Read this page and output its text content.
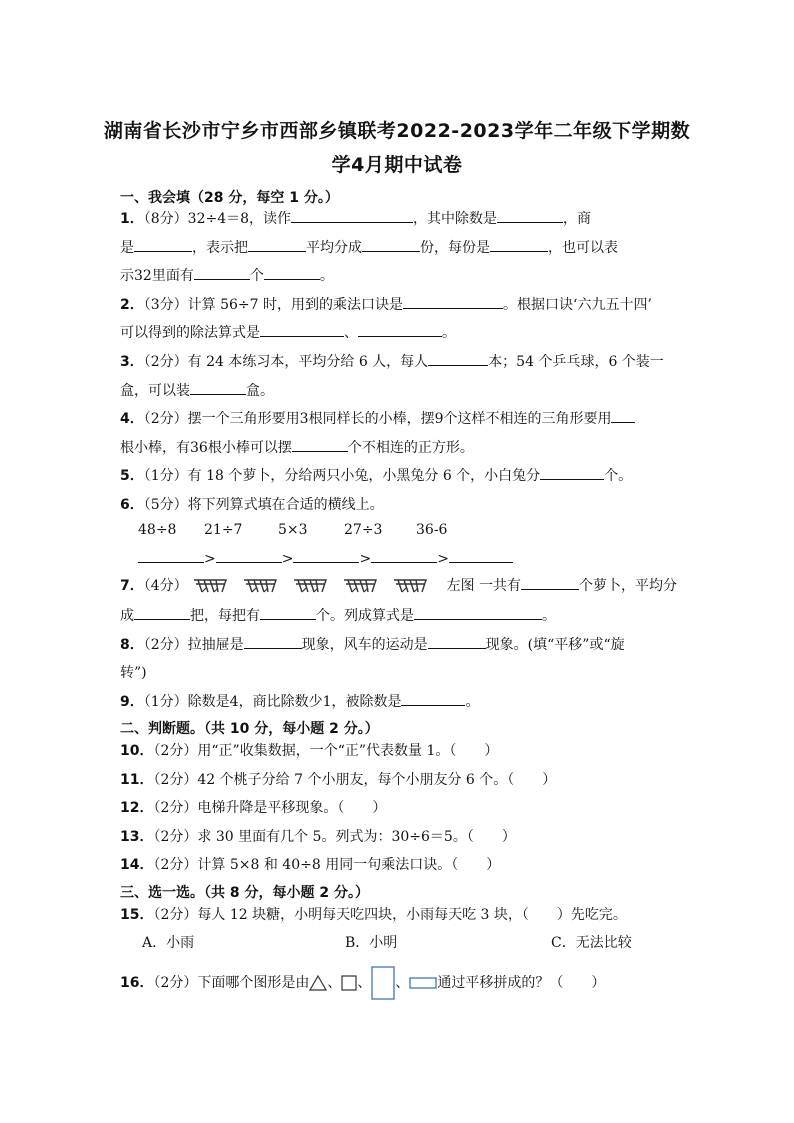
湖南省长沙市宁乡市西部乡镇联考2022-2023学年二年级下学期数
学4月期中试卷
一、我会填（28 分，每空 1 分。）
1．（8分）32÷4＝8，读作	，其中除数是	，商
是	，表示把	平均分成	份，每份是	，也可以表
示32里面有	个	。
2．（3分）计算 56÷7 时，用到的乘法口诀是	。根据口诀‘六九五十四’
可以得到的除法算式是	、	。
3．（2分）有 24 本练习本，平均分给 6 人，每人	本；54 个乒乓球，6 个装一
盒，可以装	盒。
4．（2分）摆一个三角形要用3根同样长的小棒，摆9个这样不相连的三角形要用
根小棒，有36根小棒可以摆	个不相连的正方形。
5．（1分）有 18 个萝卜，分给两只小兔，小黑兔分 6 个，小白兔分	个。
6．（5分）将下列算式填在合适的横线上。
48÷8 21÷7	5×3	27÷3 36-6
>	>	>	>
7．（4分）	左图 一共有	个萝卜，平均分
成	把，每把有	个。列成算式是	。
8．（2分）拉抽屉是	现象，风车的运动是	现象。(填“平移”或“旋
转”)
9．（1分）除数是4，商比除数少1，被除数是	。
二、判断题。（共 10 分，每小题 2 分。）
10．（2分）用“正”收集数据，一个“正”代表数量 1。（　　）
11．（2分）42 个桃子分给 7 个小朋友，每个小朋友分 6 个。（　　）
12．（2分）电梯升降是平移现象。（　　）
13．（2分）求 30 里面有几个 5。列式为：30÷6＝5。（　　）
14．（2分）计算 5×8 和 40÷8 用同一句乘法口诀。（　　）
三、选一选。（共 8 分，每小题 2 分。）
15．（2分）每人 12 块糖，小明每天吃四块，小雨每天吃 3 块，（　　）先吃完。
A．小雨	B．小明	C．无法比较
16．（2分）下面哪个图形是由 、 、 、 通过平移拼成的？（　　）
